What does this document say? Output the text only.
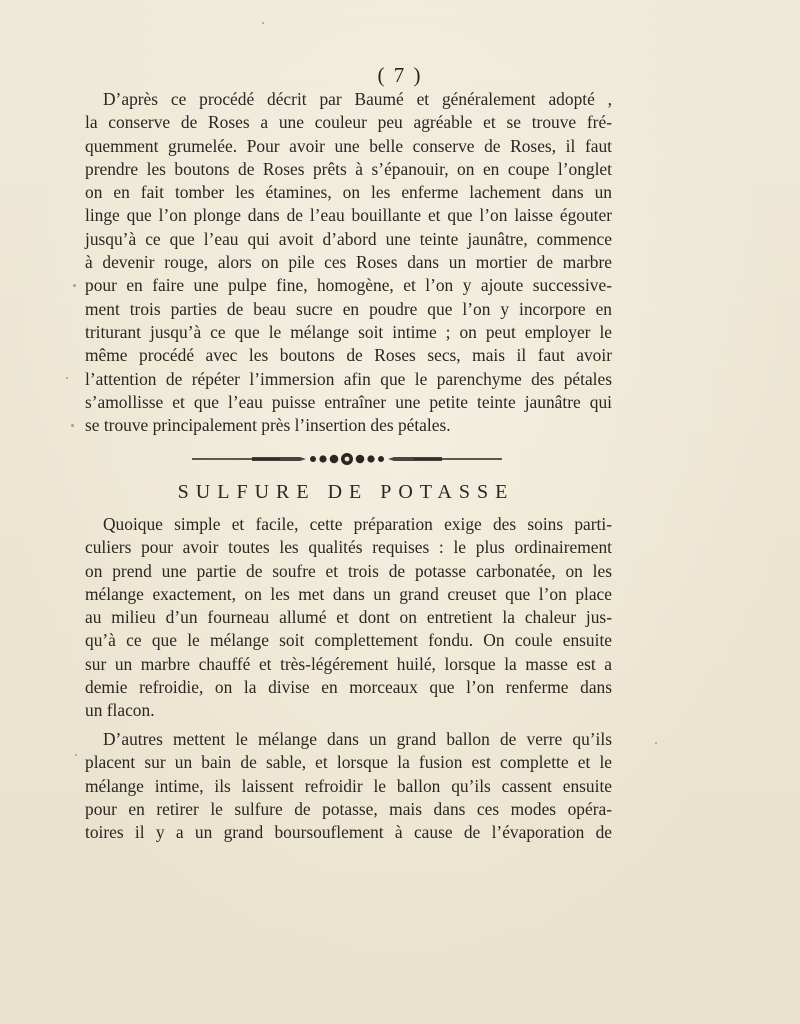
( 7 )
D’après ce procédé décrit par Baumé et généralement adopté ,
la conserve de Roses a une couleur peu agréable et se trouve fré-
quemment grumelée. Pour avoir une belle conserve de Roses, il faut
prendre les boutons de Roses prêts à s’épanouir, on en coupe l’onglet
on en fait tomber les étamines, on les enferme lachement dans un
linge que l’on plonge dans de l’eau bouillante et que l’on laisse égouter
jusqu’à ce que l’eau qui avoit d’abord une teinte jaunâtre, commence
à devenir rouge, alors on pile ces Roses dans un mortier de marbre
pour en faire une pulpe fine, homogène, et l’on y ajoute successive-
ment trois parties de beau sucre en poudre que l’on y incorpore en
triturant jusqu’à ce que le mélange soit intime ; on peut employer le
même procédé avec les boutons de Roses secs, mais il faut avoir
l’attention de répéter l’immersion afin que le parenchyme des pétales
s’amollisse et que l’eau puisse entraîner une petite teinte jaunâtre qui
se trouve principalement près l’insertion des pétales.
SULFURE DE POTASSE
Quoique simple et facile, cette préparation exige des soins parti-
culiers pour avoir toutes les qualités requises : le plus ordinairement
on prend une partie de soufre et trois de potasse carbonatée, on les
mélange exactement, on les met dans un grand creuset que l’on place
au milieu d’un fourneau allumé et dont on entretient la chaleur jus-
qu’à ce que le mélange soit complettement fondu. On coule ensuite
sur un marbre chauffé et très-légérement huilé, lorsque la masse est a
demie refroidie, on la divise en morceaux que l’on renferme dans
un flacon.
D’autres mettent le mélange dans un grand ballon de verre qu’ils
placent sur un bain de sable, et lorsque la fusion est complette et le
mélange intime, ils laissent refroidir le ballon qu’ils cassent ensuite
pour en retirer le sulfure de potasse, mais dans ces modes opéra-
toires il y a un grand boursouflement à cause de l’évaporation de
